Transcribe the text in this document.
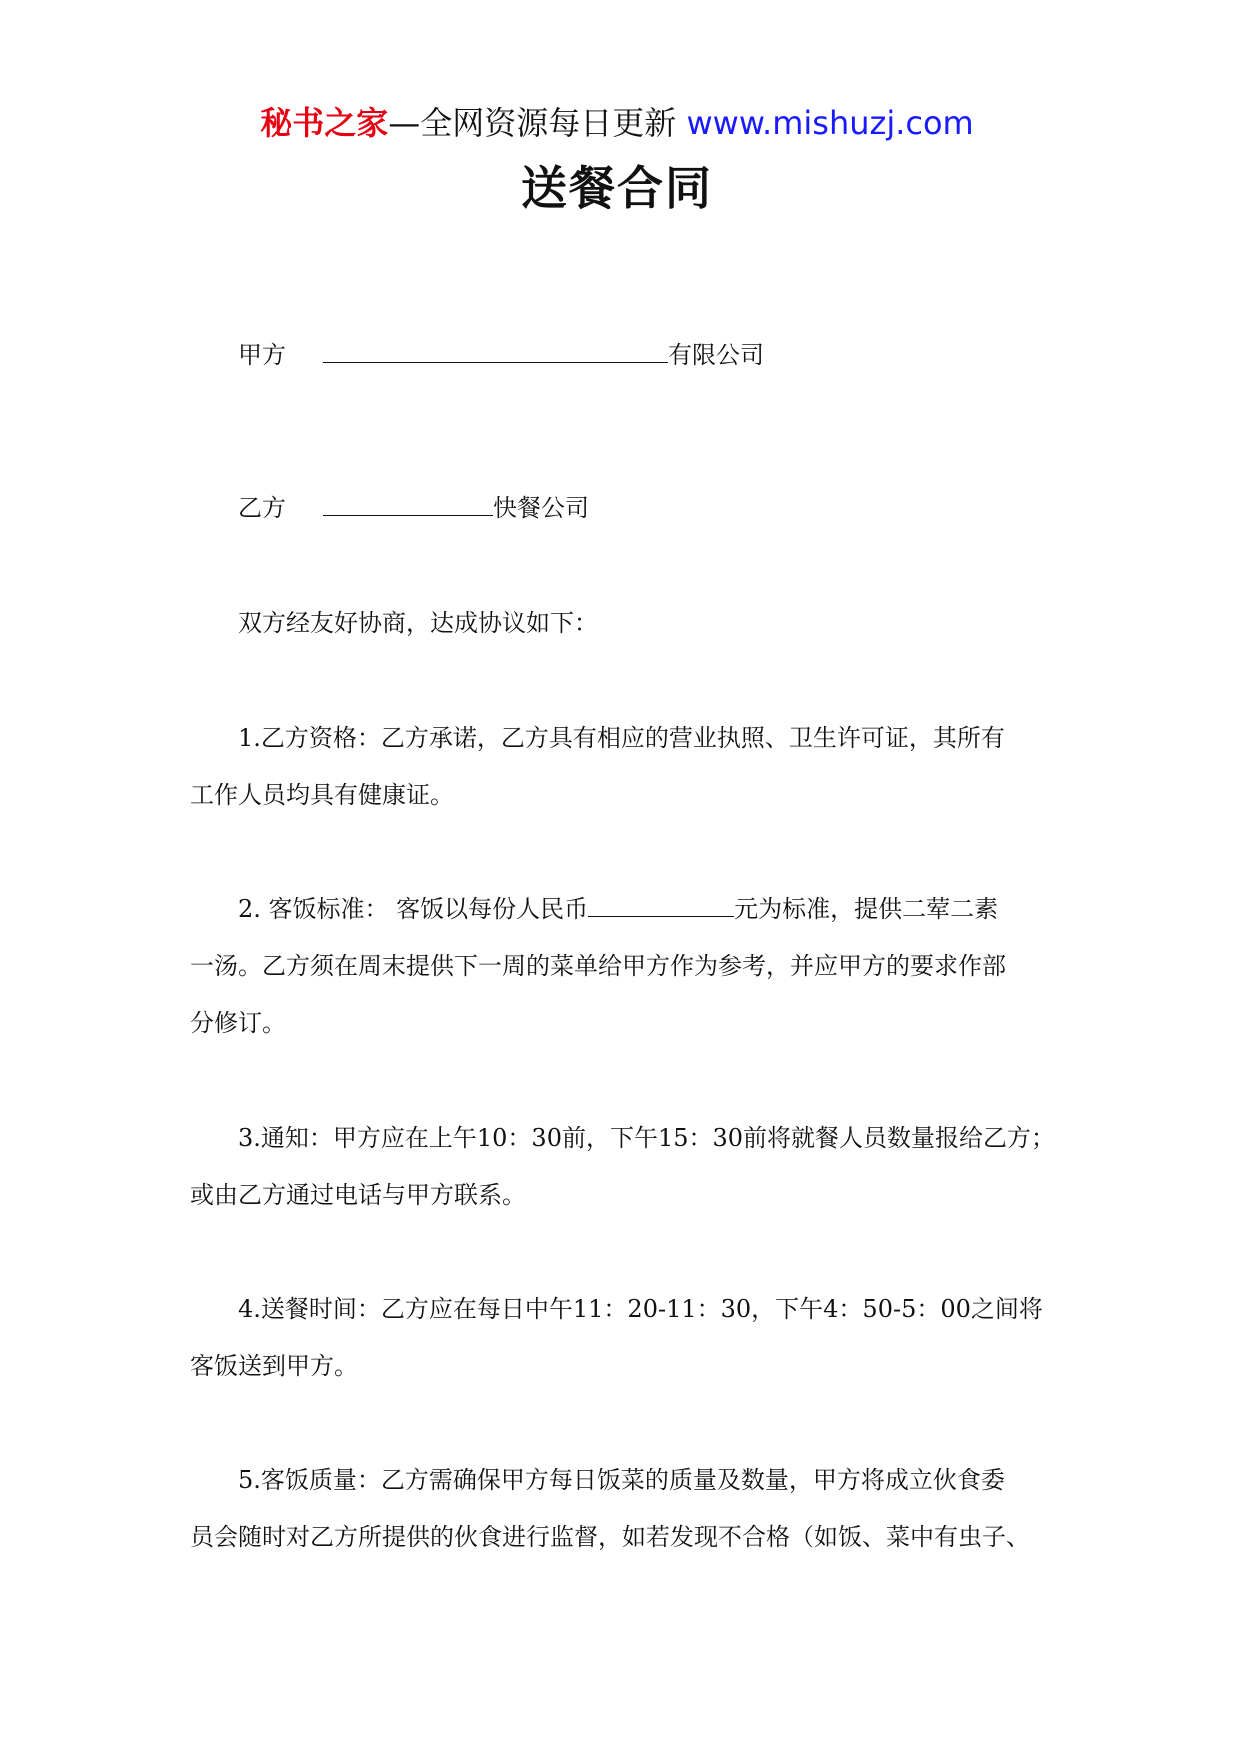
秘书之家—全网资源每日更新 www.mishuzj.com
送餐合同
甲方	有限公司
乙方	快餐公司
双方经友好协商，达成协议如下：
1.乙方资格：乙方承诺，乙方具有相应的营业执照、卫生许可证，其所有
工作人员均具有健康证。
2. 客饭标准： 客饭以每份人民币	元为标准，提供二荤二素
一汤。乙方须在周末提供下一周的菜单给甲方作为参考，并应甲方的要求作部
分修订。
3.通知：甲方应在上午10：30前，下午15：30前将就餐人员数量报给乙方；
或由乙方通过电话与甲方联系。
4.送餐时间：乙方应在每日中午11：20-11：30，下午4：50-5：00之间将
客饭送到甲方。
5.客饭质量：乙方需确保甲方每日饭菜的质量及数量，甲方将成立伙食委
员会随时对乙方所提供的伙食进行监督，如若发现不合格（如饭、菜中有虫子、
